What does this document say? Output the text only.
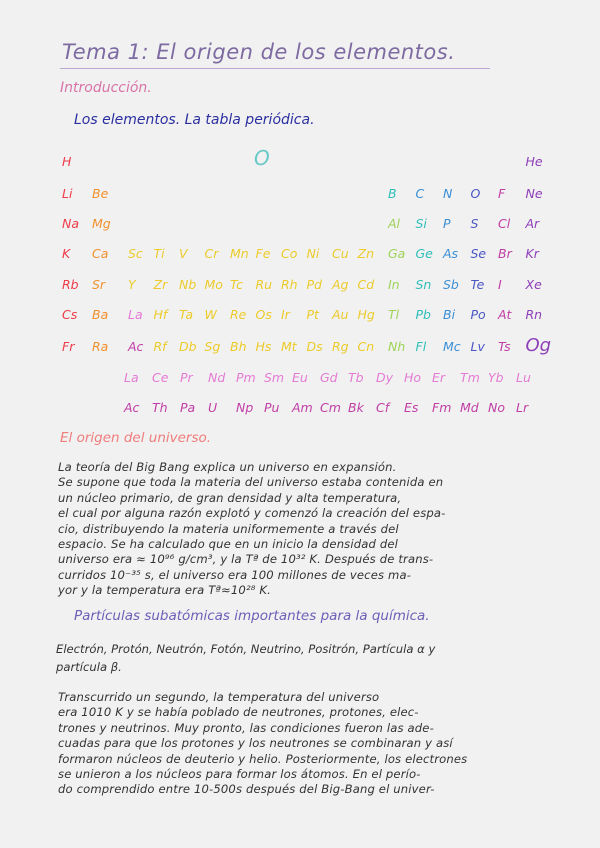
Tema 1: El origen de los elementos.
Introducción.
Los elementos. La tabla periódica.
O
H	He
Li Be	B C N O F Ne
Na Mg	Al Si P S Cl Ar
K Ca Sc Ti V Cr Mn Fe Co Ni Cu Zn Ga Ge As Se Br Kr
Rb Sr Y Zr Nb Mo Tc Ru Rh Pd Ag Cd In Sn Sb Te I Xe
Cs Ba La Hf Ta W Re Os Ir Pt Au Hg Tl Pb Bi Po At Rn
Fr Ra Ac Rf Db Sg Bh Hs Mt Ds Rg Cn Nh Fl Mc Lv Ts Og
La Ce Pr Nd Pm Sm Eu Gd Tb Dy Ho Er Tm Yb Lu
Ac Th Pa U Np Pu Am Cm Bk Cf Es Fm Md No Lr
El origen del universo.
La teoría del Big Bang explica un universo en expansión.
Se supone que toda la materia del universo estaba contenida en
un núcleo primario, de gran densidad y alta temperatura,
el cual por alguna razón explotó y comenzó la creación del espa-
cio, distribuyendo la materia uniformemente a través del
espacio. Se ha calculado que en un inicio la densidad del
universo era ≈ 10⁹⁶ g/cm³, y la Tª de 10³² K. Después de trans-
curridos 10⁻³⁵ s, el universo era 100 millones de veces ma-
yor y la temperatura era Tª≈10²⁸ K.
Partículas subatómicas importantes para la química.
Electrón, Protón, Neutrón, Fotón, Neutrino, Positrón, Partícula α y
partícula β.
Transcurrido un segundo, la temperatura del universo
era 1010 K y se había poblado de neutrones, protones, elec-
trones y neutrinos. Muy pronto, las condiciones fueron las ade-
cuadas para que los protones y los neutrones se combinaran y así
formaron núcleos de deuterio y helio. Posteriormente, los electrones
se unieron a los núcleos para formar los átomos. En el perío-
do comprendido entre 10-500s después del Big-Bang el univer-
